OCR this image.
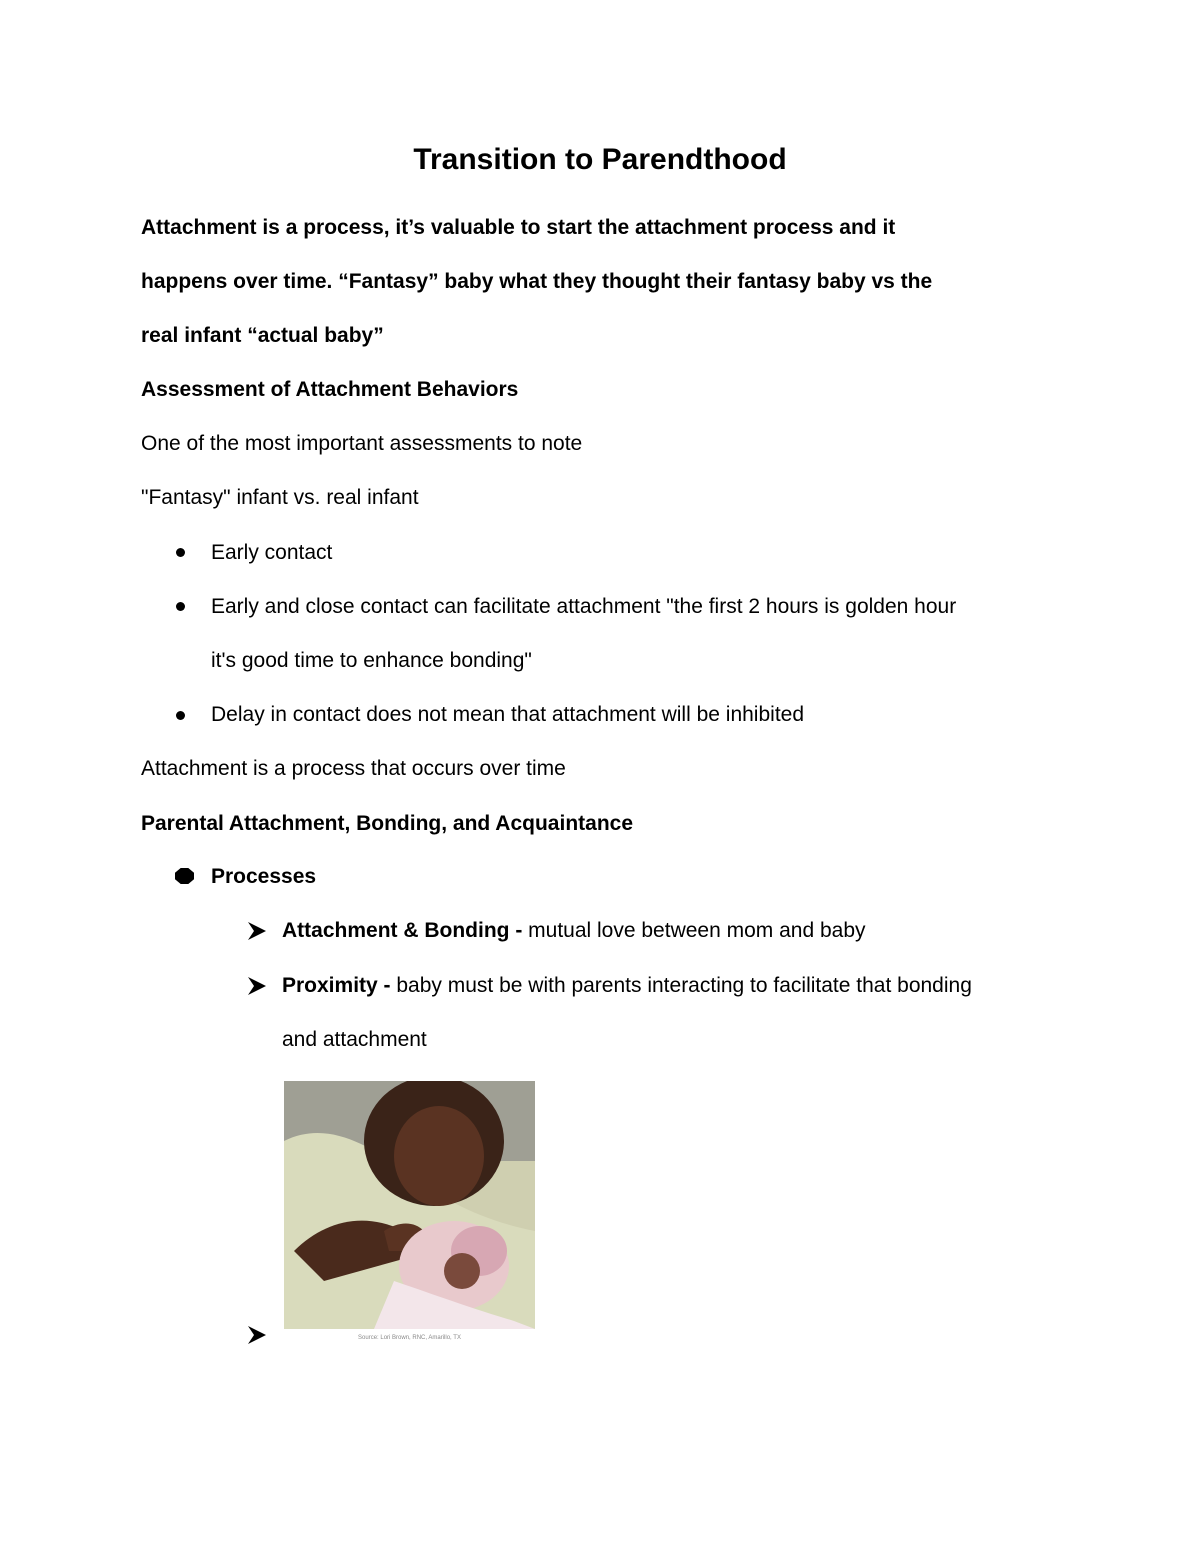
Transition to Parendthood
Attachment is a process, it’s valuable to start the attachment process and it
happens over time. “Fantasy” baby what they thought their fantasy baby vs the
real infant “actual baby”
Assessment of Attachment Behaviors
One of the most important assessments to note
"Fantasy" infant vs. real infant
Early contact
Early and close contact can facilitate attachment "the first 2 hours is golden hour
it's good time to enhance bonding"
Delay in contact does not mean that attachment will be inhibited
Attachment is a process that occurs over time
Parental Attachment, Bonding, and Acquaintance
Processes
Attachment & Bonding - mutual love between mom and baby
Proximity - baby must be with parents interacting to facilitate that bonding
and attachment
Source: Lori Brown, RNC, Amarillo, TX
